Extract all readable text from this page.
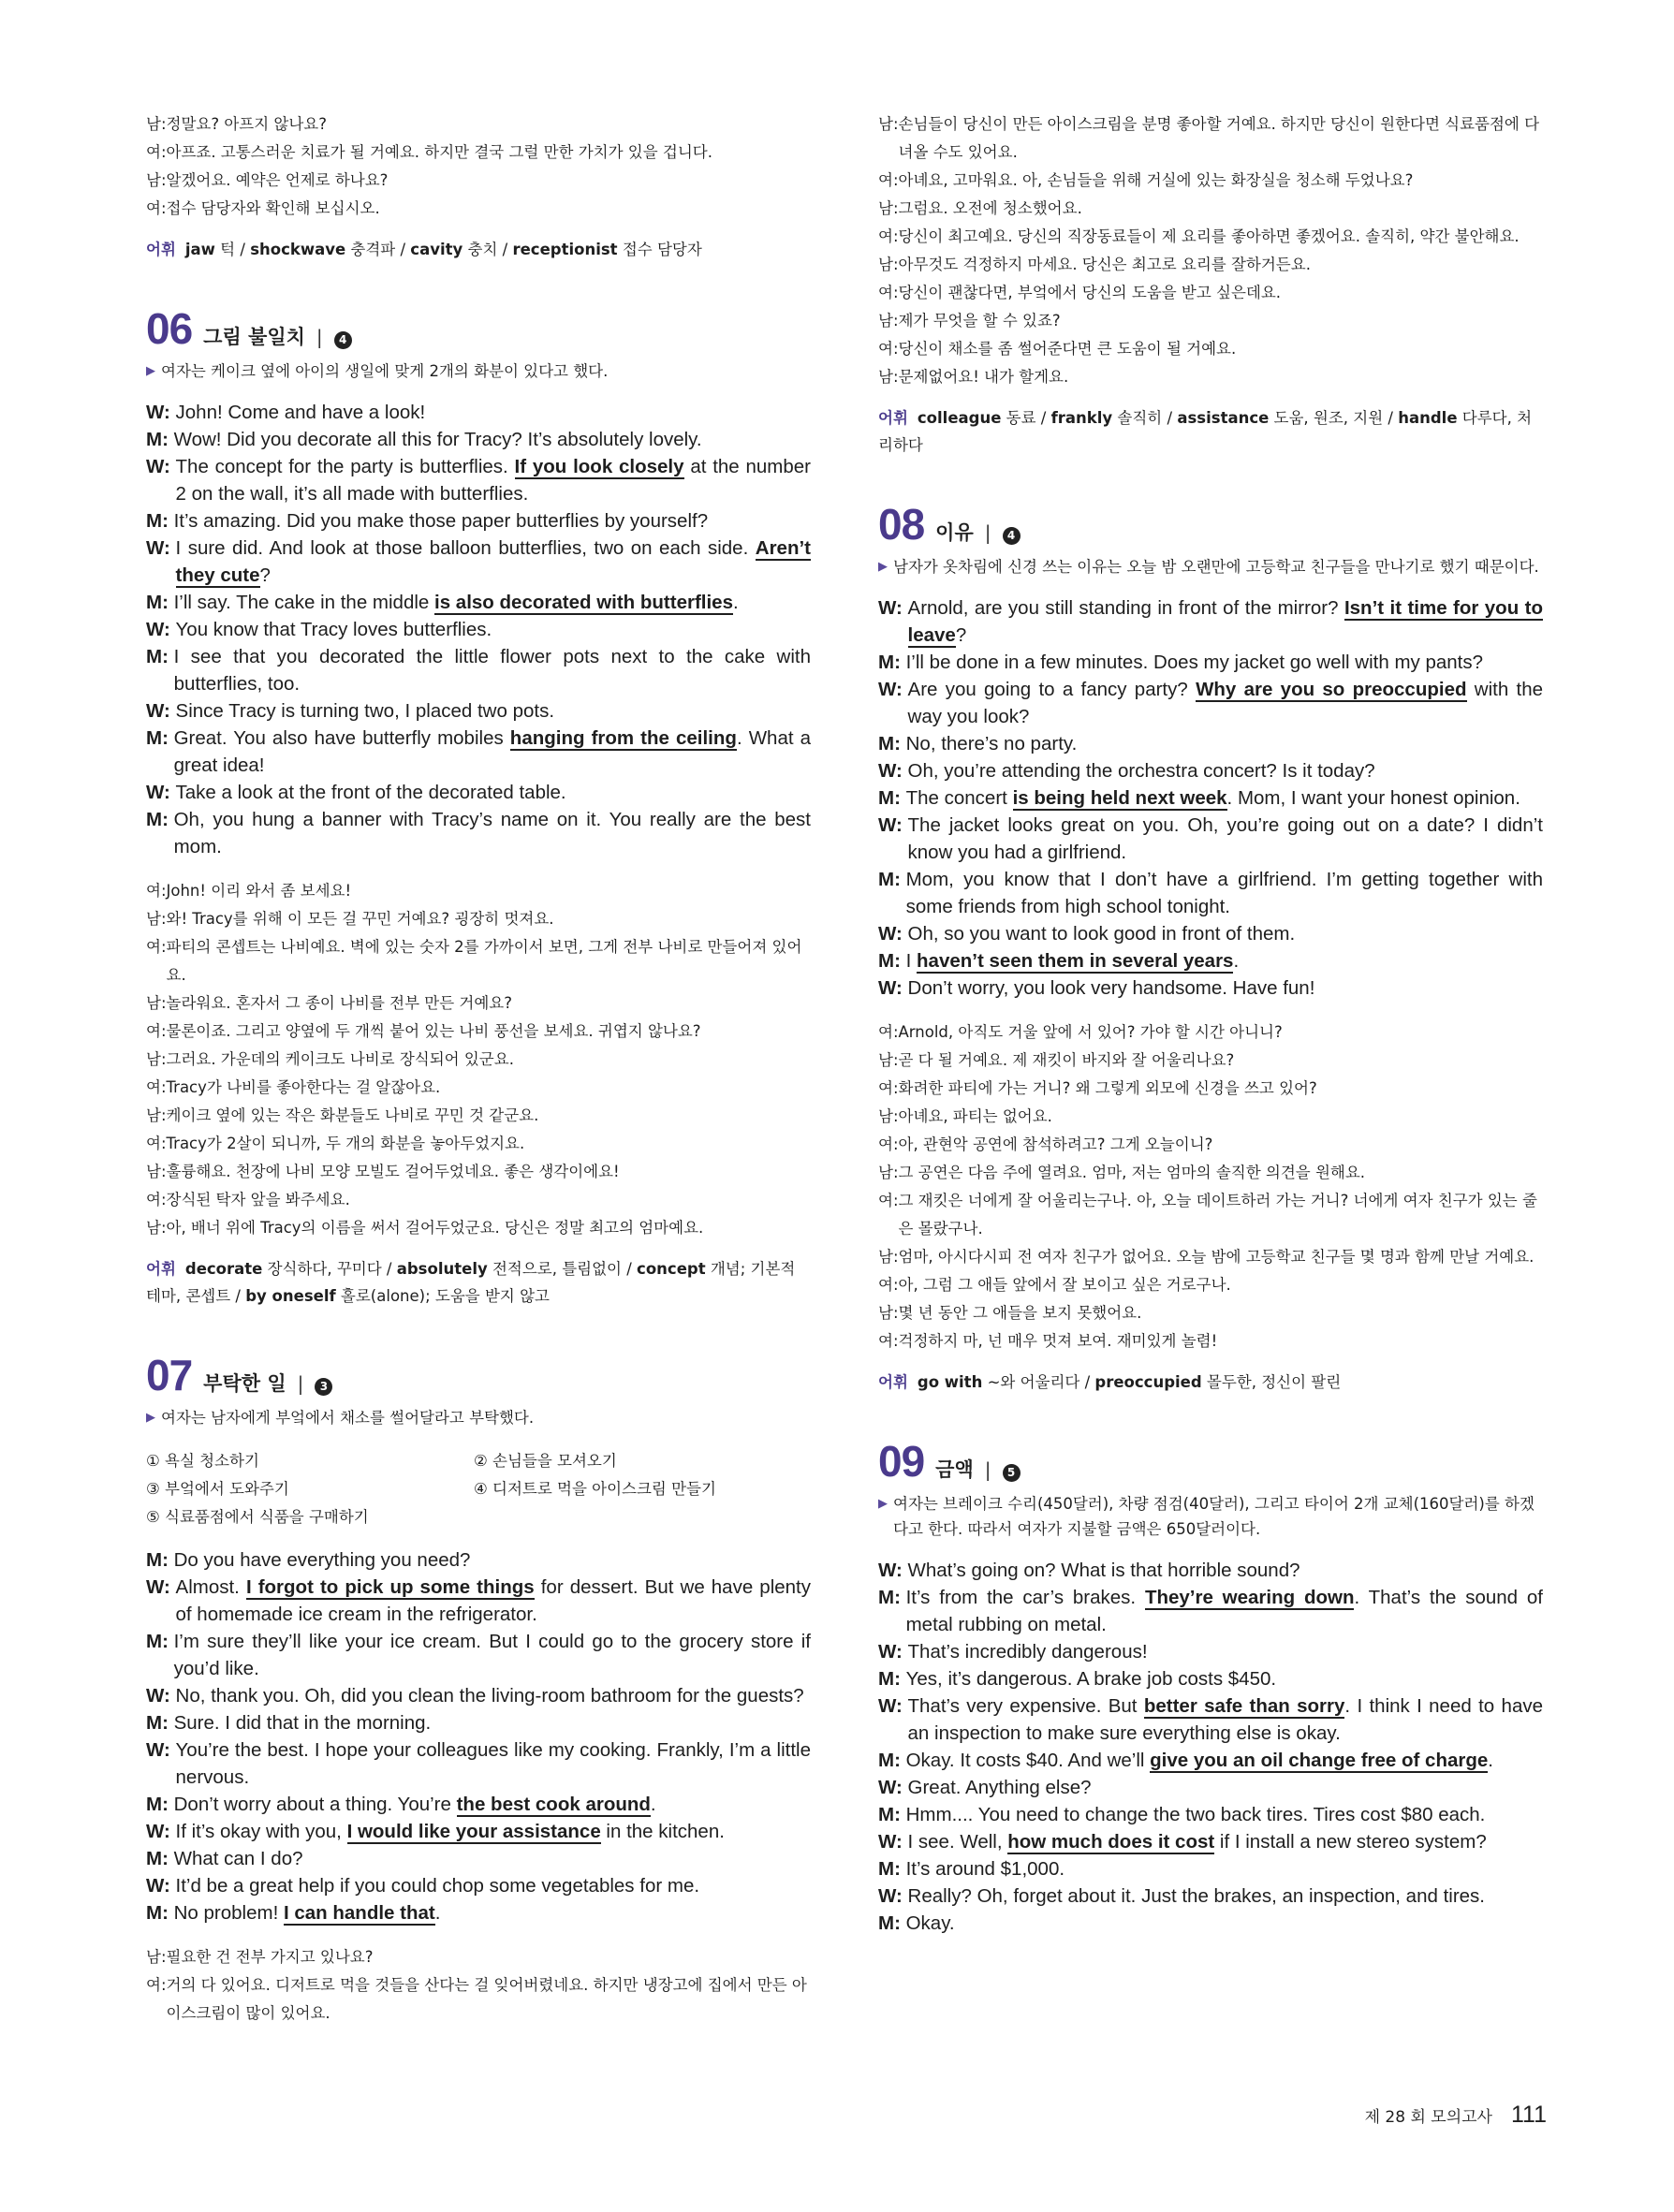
남: 정말요? 아프지 않나요?
여: 아프죠. 고통스러운 치료가 될 거예요. 하지만 결국 그럴 만한 가치가 있을 겁니다.
남: 알겠어요. 예약은 언제로 하나요?
여: 접수 담당자와 확인해 보십시오.
어휘 jaw 턱 / shockwave 충격파 / cavity 충치 / receptionist 접수 담당자
06 그림 불일치 |	4
▶ 여자는 케이크 옆에 아이의 생일에 맞게 2개의 화분이 있다고 했다.
W: John! Come and have a look!
M: Wow! Did you decorate all this for Tracy? It’s absolutely lovely.
W: The concept for the party is butterflies. If you look closely at the number 2 on the wall, it’s all made with butterflies.
M: It’s amazing. Did you make those paper butterflies by yourself?
W: I sure did. And look at those balloon butterflies, two on each side. Aren’t they cute?
M: I’ll say. The cake in the middle is also decorated with butterflies.
W: You know that Tracy loves butterflies.
M: I see that you decorated the little flower pots next to the cake with butterflies, too.
W: Since Tracy is turning two, I placed two pots.
M: Great. You also have butterfly mobiles hanging from the ceiling. What a great idea!
W: Take a look at the front of the decorated table.
M: Oh, you hung a banner with Tracy’s name on it. You really are the best mom.
여: John! 이리 와서 좀 보세요!
남: 와! Tracy를 위해 이 모든 걸 꾸민 거예요? 굉장히 멋져요.
여: 파티의 콘셉트는 나비예요. 벽에 있는 숫자 2를 가까이서 보면, 그게 전부 나비로 만들어져 있어요.
남: 놀라워요. 혼자서 그 종이 나비를 전부 만든 거예요?
여: 물론이죠. 그리고 양옆에 두 개씩 붙어 있는 나비 풍선을 보세요. 귀엽지 않나요?
남: 그러요. 가운데의 케이크도 나비로 장식되어 있군요.
여: Tracy가 나비를 좋아한다는 걸 알잖아요.
남: 케이크 옆에 있는 작은 화분들도 나비로 꾸민 것 같군요.
여: Tracy가 2살이 되니까, 두 개의 화분을 놓아두었지요.
남: 훌륭해요. 천장에 나비 모양 모빌도 걸어두었네요. 좋은 생각이에요!
여: 장식된 탁자 앞을 봐주세요.
남: 아, 배너 위에 Tracy의 이름을 써서 걸어두었군요. 당신은 정말 최고의 엄마예요.
어휘 decorate 장식하다, 꾸미다 / absolutely 전적으로, 틀림없이 / concept 개념; 기본적 테마, 콘셉트 / by oneself 홀로(alone); 도움을 받지 않고
07 부탁한 일 |	3
▶ 여자는 남자에게 부엌에서 채소를 썰어달라고 부탁했다.
① 욕실 청소하기	② 손님들을 모셔오기
③ 부엌에서 도와주기	④ 디저트로 먹을 아이스크림 만들기
⑤ 식료품점에서 식품을 구매하기
M: Do you have everything you need?
W: Almost. I forgot to pick up some things for dessert. But we have plenty of homemade ice cream in the refrigerator.
M: I’m sure they’ll like your ice cream. But I could go to the grocery store if you’d like.
W: No, thank you. Oh, did you clean the living-room bathroom for the guests?
M: Sure. I did that in the morning.
W: You’re the best. I hope your colleagues like my cooking. Frankly, I’m a little nervous.
M: Don’t worry about a thing. You’re the best cook around.
W: If it’s okay with you, I would like your assistance in the kitchen.
M: What can I do?
W: It’d be a great help if you could chop some vegetables for me.
M: No problem! I can handle that.
남: 필요한 건 전부 가지고 있나요?
여: 거의 다 있어요. 디저트로 먹을 것들을 산다는 걸 잊어버렸네요. 하지만 냉장고에 집에서 만든 아이스크림이 많이 있어요.
남: 손님들이 당신이 만든 아이스크림을 분명 좋아할 거예요. 하지만 당신이 원한다면 식료품점에 다녀올 수도 있어요.
여: 아녜요, 고마워요. 아, 손님들을 위해 거실에 있는 화장실을 청소해 두었나요?
남: 그럼요. 오전에 청소했어요.
여: 당신이 최고예요. 당신의 직장동료들이 제 요리를 좋아하면 좋겠어요. 솔직히, 약간 불안해요.
남: 아무것도 걱정하지 마세요. 당신은 최고로 요리를 잘하거든요.
여: 당신이 괜찮다면, 부엌에서 당신의 도움을 받고 싶은데요.
남: 제가 무엇을 할 수 있죠?
여: 당신이 채소를 좀 썰어준다면 큰 도움이 될 거예요.
남: 문제없어요! 내가 할게요.
어휘 colleague 동료 / frankly 솔직히 / assistance 도움, 원조, 지원 / handle 다루다, 처리하다
08 이유 |	4
▶ 남자가 옷차림에 신경 쓰는 이유는 오늘 밤 오랜만에 고등학교 친구들을 만나기로 했기 때문이다.
W: Arnold, are you still standing in front of the mirror? Isn’t it time for you to leave?
M: I’ll be done in a few minutes. Does my jacket go well with my pants?
W: Are you going to a fancy party? Why are you so preoccupied with the way you look?
M: No, there’s no party.
W: Oh, you’re attending the orchestra concert? Is it today?
M: The concert is being held next week. Mom, I want your honest opinion.
W: The jacket looks great on you. Oh, you’re going out on a date? I didn’t know you had a girlfriend.
M: Mom, you know that I don’t have a girlfriend. I’m getting together with some friends from high school tonight.
W: Oh, so you want to look good in front of them.
M: I haven’t seen them in several years.
W: Don’t worry, you look very handsome. Have fun!
여: Arnold, 아직도 거울 앞에 서 있어? 가야 할 시간 아니니?
남: 곧 다 될 거예요. 제 재킷이 바지와 잘 어울리나요?
여: 화려한 파티에 가는 거니? 왜 그렇게 외모에 신경을 쓰고 있어?
남: 아녜요, 파티는 없어요.
여: 아, 관현악 공연에 참석하려고? 그게 오늘이니?
남: 그 공연은 다음 주에 열려요. 엄마, 저는 엄마의 솔직한 의견을 원해요.
여: 그 재킷은 너에게 잘 어울리는구나. 아, 오늘 데이트하러 가는 거니? 너에게 여자 친구가 있는 줄은 몰랐구나.
남: 엄마, 아시다시피 전 여자 친구가 없어요. 오늘 밤에 고등학교 친구들 몇 명과 함께 만날 거예요.
여: 아, 그럼 그 애들 앞에서 잘 보이고 싶은 거로구나.
남: 몇 년 동안 그 애들을 보지 못했어요.
여: 걱정하지 마, 넌 매우 멋져 보여. 재미있게 놀렴!
어휘 go with ~와 어울리다 / preoccupied 몰두한, 정신이 팔린
09 금액 |	5
▶ 여자는 브레이크 수리(450달러), 차량 점검(40달러), 그리고 타이어 2개 교체(160달러)를 하겠다고 한다. 따라서 여자가 지불할 금액은 650달러이다.
W: What’s going on? What is that horrible sound?
M: It’s from the car’s brakes. They’re wearing down. That’s the sound of metal rubbing on metal.
W: That’s incredibly dangerous!
M: Yes, it’s dangerous. A brake job costs $450.
W: That’s very expensive. But better safe than sorry. I think I need to have an inspection to make sure everything else is okay.
M: Okay. It costs $40. And we’ll give you an oil change free of charge.
W: Great. Anything else?
M: Hmm.... You need to change the two back tires. Tires cost $80 each.
W: I see. Well, how much does it cost if I install a new stereo system?
M: It’s around $1,000.
W: Really? Oh, forget about it. Just the brakes, an inspection, and tires.
M: Okay.
제 28 회 모의고사 111
